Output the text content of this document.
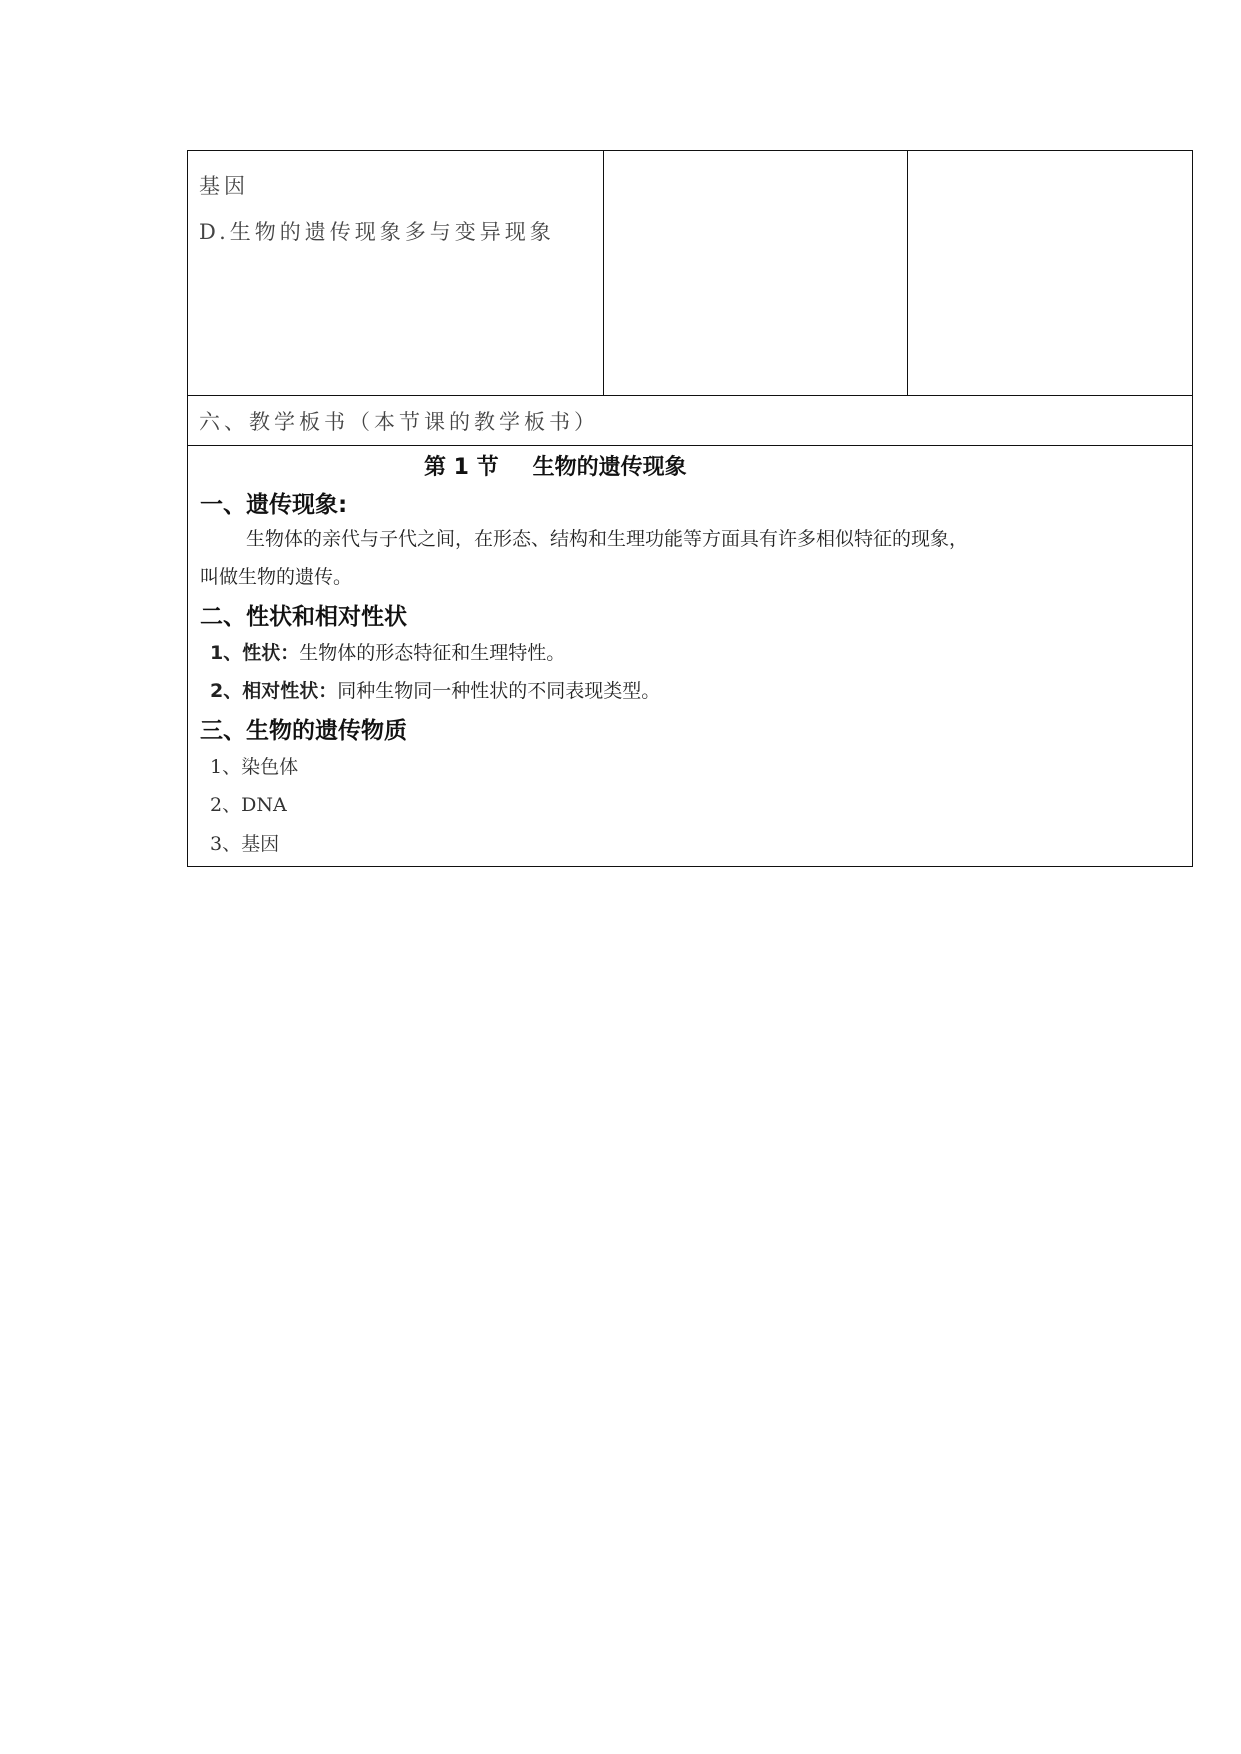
基因
D.生物的遗传现象多与变异现象

六、教学板书（本节课的教学板书）

第 1 节 生物的遗传现象
一、遗传现象:
生物体的亲代与子代之间，在形态、结构和生理功能等方面具有许多相似特征的现象，
叫做生物的遗传。
二、性状和相对性状
1、性状：生物体的形态特征和生理特性。
2、相对性状：同种生物同一种性状的不同表现类型。
三、生物的遗传物质
1、染色体
2、DNA
3、基因
